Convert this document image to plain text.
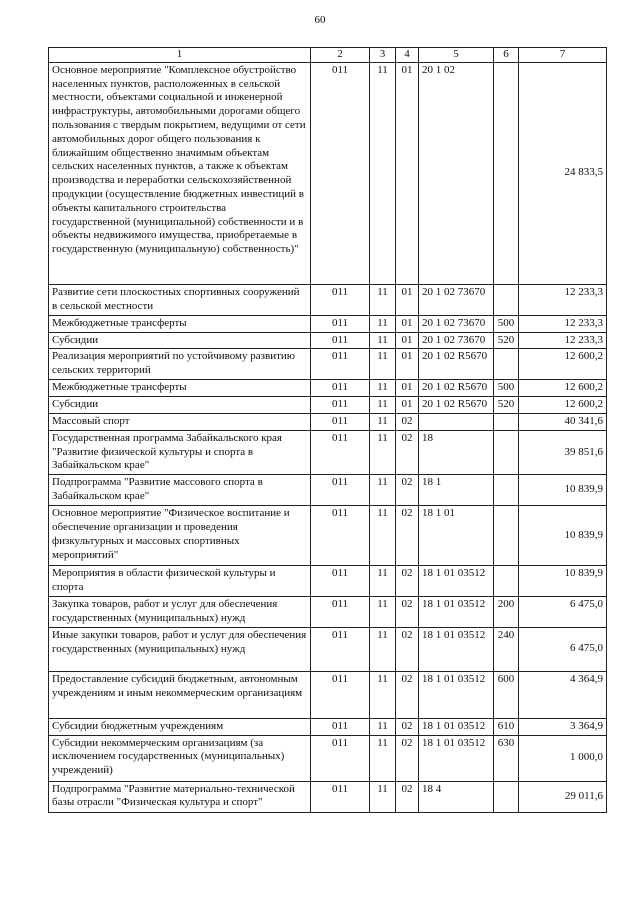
60
1	2	3	4	5	6	7
Основное мероприятие "Комплексное обустройство населенных пунктов, расположенных в сельской местности, объектами социальной и инженерной инфраструктуры, автомобильными дорогами общего пользования с твердым покрытием, ведущими от сети автомобильных дорог общего пользования к ближайшим общественно значимым объектам сельских населенных пунктов, а также к объектам производства и переработки сельскохозяйственной продукции (осуществление бюджетных инвестиций в объекты капитального строительства государственной (муниципальной) собственности и в объекты недвижимого имущества, приобретаемые в государственную (муниципальную) собственность)"	011	11	01	20 1 02		24 833,5
Развитие сети плоскостных спортивных сооружений в сельской местности	011	11	01	20 1 02 73670		12 233,3
Межбюджетные трансферты	011	11	01	20 1 02 73670	500	12 233,3
Субсидии	011	11	01	20 1 02 73670	520	12 233,3
Реализация мероприятий по устойчивому развитию сельских территорий	011	11	01	20 1 02 R5670		12 600,2
Межбюджетные трансферты	011	11	01	20 1 02 R5670	500	12 600,2
Субсидии	011	11	01	20 1 02 R5670	520	12 600,2
Массовый спорт	011	11	02			40 341,6
Государственная программа Забайкальского края "Развитие физической культуры и спорта в Забайкальском крае"	011	11	02	18		39 851,6
Подпрограмма "Развитие массового спорта в Забайкальском крае"	011	11	02	18 1		10 839,9
Основное мероприятие "Физическое воспитание и обеспечение организации и проведения физкультурных и массовых спортивных мероприятий"	011	11	02	18 1 01		10 839,9
Мероприятия в области физической культуры и спорта	011	11	02	18 1 01 03512		10 839,9
Закупка товаров, работ и услуг для обеспечения государственных (муниципальных) нужд	011	11	02	18 1 01 03512	200	6 475,0
Иные закупки товаров, работ и услуг для обеспечения государственных (муниципальных) нужд	011	11	02	18 1 01 03512	240	6 475,0
Предоставление субсидий бюджетным, автономным учреждениям и иным некоммерческим организациям	011	11	02	18 1 01 03512	600	4 364,9
Субсидии бюджетным учреждениям	011	11	02	18 1 01 03512	610	3 364,9
Субсидии некоммерческим организациям (за исключением государственных (муниципальных) учреждений)	011	11	02	18 1 01 03512	630	1 000,0
Подпрограмма "Развитие материально-технической базы отрасли "Физическая культура и спорт"	011	11	02	18 4		29 011,6
